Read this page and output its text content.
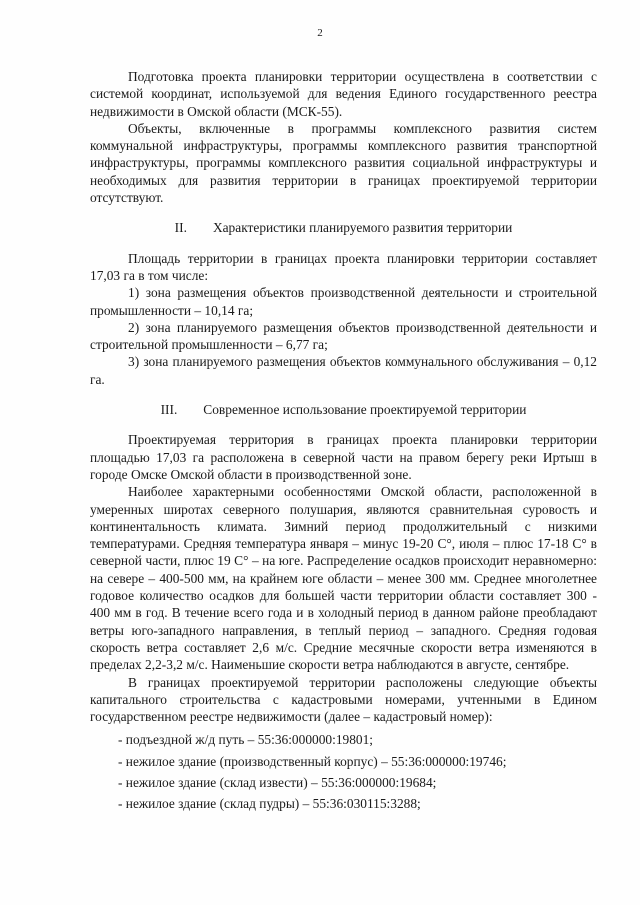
2

Подготовка проекта планировки территории осуществлена в соответствии с системой координат, используемой для ведения Единого государственного реестра недвижимости в Омской области (МСК-55).

Объекты, включенные в программы комплексного развития систем коммунальной инфраструктуры, программы комплексного развития транспортной инфраструктуры, программы комплексного развития социальной инфраструктуры и необходимых для развития территории в границах проектируемой территории отсутствуют.

II. Характеристики планируемого развития территории

Площадь территории в границах проекта планировки территории составляет 17,03 га в том числе:

1) зона размещения объектов производственной деятельности и строительной промышленности – 10,14 га;

2) зона планируемого размещения объектов производственной деятельности и строительной промышленности – 6,77 га;

3) зона планируемого размещения объектов коммунального обслуживания – 0,12 га.

III. Современное использование проектируемой территории

Проектируемая территория в границах проекта планировки территории площадью 17,03 га расположена в северной части на правом берегу реки Иртыш в городе Омске Омской области в производственной зоне.

Наиболее характерными особенностями Омской области, расположенной в умеренных широтах северного полушария, являются сравнительная суровость и континентальность климата. Зимний период продолжительный с низкими температурами. Средняя температура января – минус 19-20 С°, июля – плюс 17-18 С° в северной части, плюс 19 С° – на юге. Распределение осадков происходит неравномерно: на севере – 400-500 мм, на крайнем юге области – менее 300 мм. Среднее многолетнее годовое количество осадков для большей части территории области составляет 300 - 400 мм в год. В течение всего года и в холодный период в данном районе преобладают ветры юго-западного направления, в теплый период – западного. Средняя годовая скорость ветра составляет 2,6 м/с. Средние месячные скорости ветра изменяются в пределах 2,2-3,2 м/с. Наименьшие скорости ветра наблюдаются в августе, сентябре.

В границах проектируемой территории расположены следующие объекты капитального строительства с кадастровыми номерами, учтенными в Едином государственном реестре недвижимости (далее – кадастровый номер):

- подъездной ж/д путь – 55:36:000000:19801;
- нежилое здание (производственный корпус) – 55:36:000000:19746;
- нежилое здание (склад извести) – 55:36:000000:19684;
- нежилое здание (склад пудры) – 55:36:030115:3288;
